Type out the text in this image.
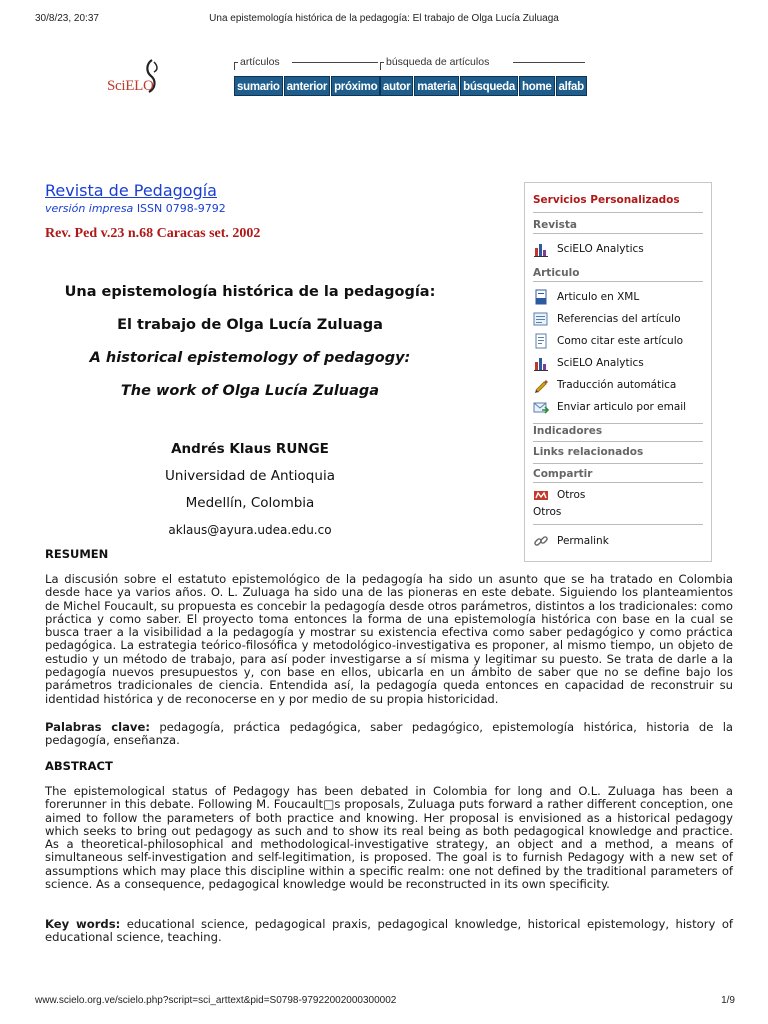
30/8/23, 20:37	Una epistemología histórica de la pedagogía: El trabajo de Olga Lucía Zuluaga
SciELO
artículos
sumario anterior próximo
búsqueda de artículos
autor materia búsqueda home alfab
Revista de Pedagogía
versión impresa ISSN 0798-9792
Rev. Ped v.23 n.68 Caracas set. 2002
Una epistemología histórica de la pedagogía:
El trabajo de Olga Lucía Zuluaga
A historical epistemology of pedagogy:
The work of Olga Lucía Zuluaga
Andrés Klaus RUNGE
Universidad de Antioquia
Medellín, Colombia
aklaus@ayura.udea.edu.co
Servicios Personalizados
Revista
SciELO Analytics
Articulo
Articulo en XML
Referencias del artículo
Como citar este artículo
SciELO Analytics
Traducción automática
Enviar articulo por email
Indicadores
Links relacionados
Compartir
Otros
Otros
Permalink
RESUMEN

La discusión sobre el estatuto epistemológico de la pedagogía ha sido un asunto que se ha tratado en Colombia desde hace ya varios años. O. L. Zuluaga ha sido una de las pioneras en este debate. Siguiendo los planteamientos de Michel Foucault, su propuesta es concebir la pedagogía desde otros parámetros, distintos a los tradicionales: como práctica y como saber. El proyecto toma entonces la forma de una epistemología histórica con base en la cual se busca traer a la visibilidad a la pedagogía y mostrar su existencia efectiva como saber pedagógico y como práctica pedagógica. La estrategia teórico-filosófica y metodológico-investigativa es proponer, al mismo tiempo, un objeto de estudio y un método de trabajo, para así poder investigarse a sí misma y legitimar su puesto. Se trata de darle a la pedagogía nuevos presupuestos y, con base en ellos, ubicarla en un ámbito de saber que no se define bajo los parámetros tradicionales de ciencia. Entendida así, la pedagogía queda entonces en capacidad de reconstruir su identidad histórica y de reconocerse en y por medio de su propia historicidad.

Palabras clave: pedagogía, práctica pedagógica, saber pedagógico, epistemología histórica, historia de la pedagogía, enseñanza.

ABSTRACT

The epistemological status of Pedagogy has been debated in Colombia for long and O.L. Zuluaga has been a forerunner in this debate. Following M. Foucault□s proposals, Zuluaga puts forward a rather different conception, one aimed to follow the parameters of both practice and knowing. Her proposal is envisioned as a historical pedagogy which seeks to bring out pedagogy as such and to show its real being as both pedagogical knowledge and practice. As a theoretical-philosophical and methodological-investigative strategy, an object and a method, a means of simultaneous self-investigation and self-legitimation, is proposed. The goal is to furnish Pedagogy with a new set of assumptions which may place this discipline within a specific realm: one not defined by the traditional parameters of science. As a consequence, pedagogical knowledge would be reconstructed in its own specificity.

Key words: educational science, pedagogical praxis, pedagogical knowledge, historical epistemology, history of educational science, teaching.

www.scielo.org.ve/scielo.php?script=sci_arttext&pid=S0798-97922002000300002	1/9
